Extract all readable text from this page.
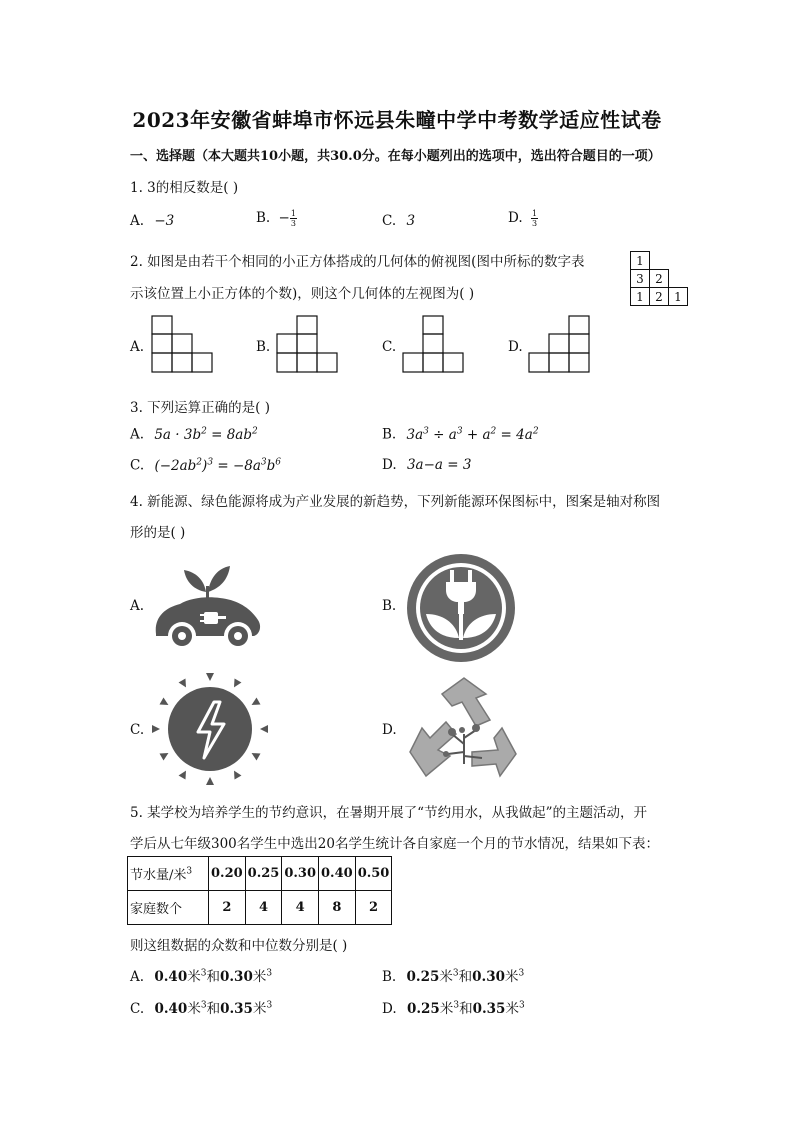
2023年安徽省蚌埠市怀远县朱疃中学中考数学适应性试卷
一、选择题（本大题共10小题，共30.0分。在每小题列出的选项中，选出符合题目的一项）
1. 3的相反数是( )
A. −3	B. − $\frac{1}{3}$	C. 3	D. $\frac{1}{3}$
2. 如图是由若干个相同的小正方体搭成的几何体的俯视图(图中所标的数字表
示该位置上小正方体的个数)，则这个几何体的左视图为( )
1		
3	2	
1	2	1
A.	B.	C.	D.
3. 下列运算正确的是( )
A. $5a \cdot 3b^2 = 8ab^2$	B. $3a^3 \div a^3 + a^2 = 4a^2$
C. $(-2ab^2)^3 = -8a^3b^6$	D. 3a−a = 3
4. 新能源、绿色能源将成为产业发展的新趋势，下列新能源环保图标中，图案是轴对称图
形的是( )
A.	B.
C.	D.
5. 某学校为培养学生的节约意识，在暑期开展了“节约用水，从我做起”的主题活动，开
学后从七年级300名学生中选出20名学生统计各自家庭一个月的节水情况，结果如下表：
节水量/米$^3$	0.20	0.25	0.30	0.40	0.50
家庭数个	2	4	4	8	2
则这组数据的众数和中位数分别是( )
A. 0.40米$^3$和0.30米$^3$	B. 0.25米$^3$和0.30米$^3$
C. 0.40米$^3$和0.35米$^3$	D. 0.25米$^3$和0.35米$^3$
